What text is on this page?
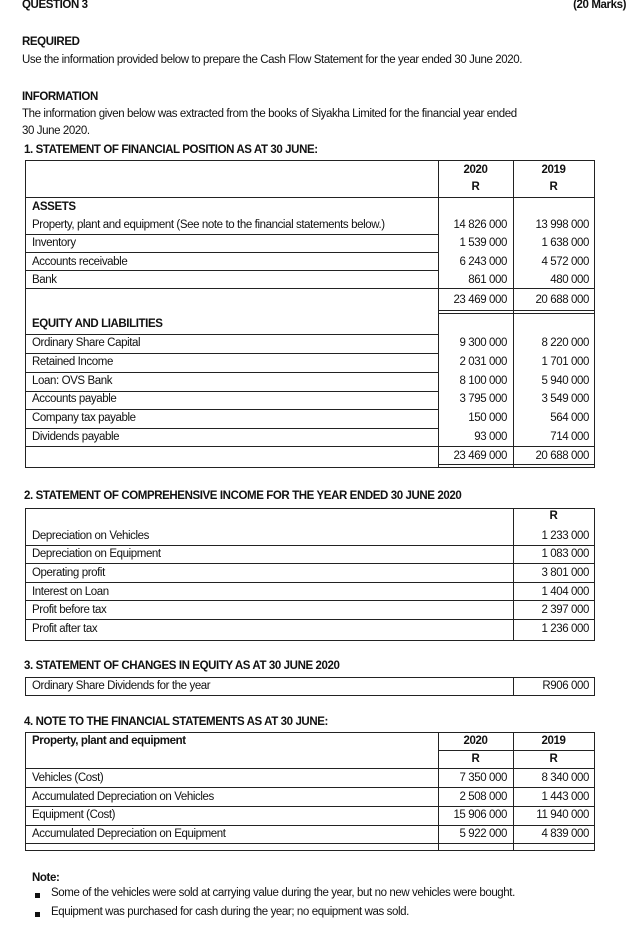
QUESTION 3	(20 Marks)
REQUIRED
Use the information provided below to prepare the Cash Flow Statement for the year ended 30 June 2020.
INFORMATION
The information given below was extracted from the books of Siyakha Limited for the financial year ended
30 June 2020.
1. STATEMENT OF FINANCIAL POSITION AS AT 30 JUNE:
2020	2019
R	R
ASSETS
Property, plant and equipment (See note to the financial statements below.)	14 826 000	13 998 000
Inventory	1 539 000	1 638 000
Accounts receivable	6 243 000	4 572 000
Bank	861 000	480 000
23 469 000	20 688 000
EQUITY AND LIABILITIES
Ordinary Share Capital	9 300 000	8 220 000
Retained Income	2 031 000	1 701 000
Loan: OVS Bank	8 100 000	5 940 000
Accounts payable	3 795 000	3 549 000
Company tax payable	150 000	564 000
Dividends payable	93 000	714 000
23 469 000	20 688 000
2. STATEMENT OF COMPREHENSIVE INCOME FOR THE YEAR ENDED 30 JUNE 2020
R
Depreciation on Vehicles	1 233 000
Depreciation on Equipment	1 083 000
Operating profit	3 801 000
Interest on Loan	1 404 000
Profit before tax	2 397 000
Profit after tax	1 236 000
3. STATEMENT OF CHANGES IN EQUITY AS AT 30 JUNE 2020
Ordinary Share Dividends for the year	R906 000
4. NOTE TO THE FINANCIAL STATEMENTS AS AT 30 JUNE:
Property, plant and equipment	2020	2019
R	R
Vehicles (Cost)	7 350 000	8 340 000
Accumulated Depreciation on Vehicles	2 508 000	1 443 000
Equipment (Cost)	15 906 000	11 940 000
Accumulated Depreciation on Equipment	5 922 000	4 839 000
Note:
Some of the vehicles were sold at carrying value during the year, but no new vehicles were bought.
Equipment was purchased for cash during the year; no equipment was sold.
